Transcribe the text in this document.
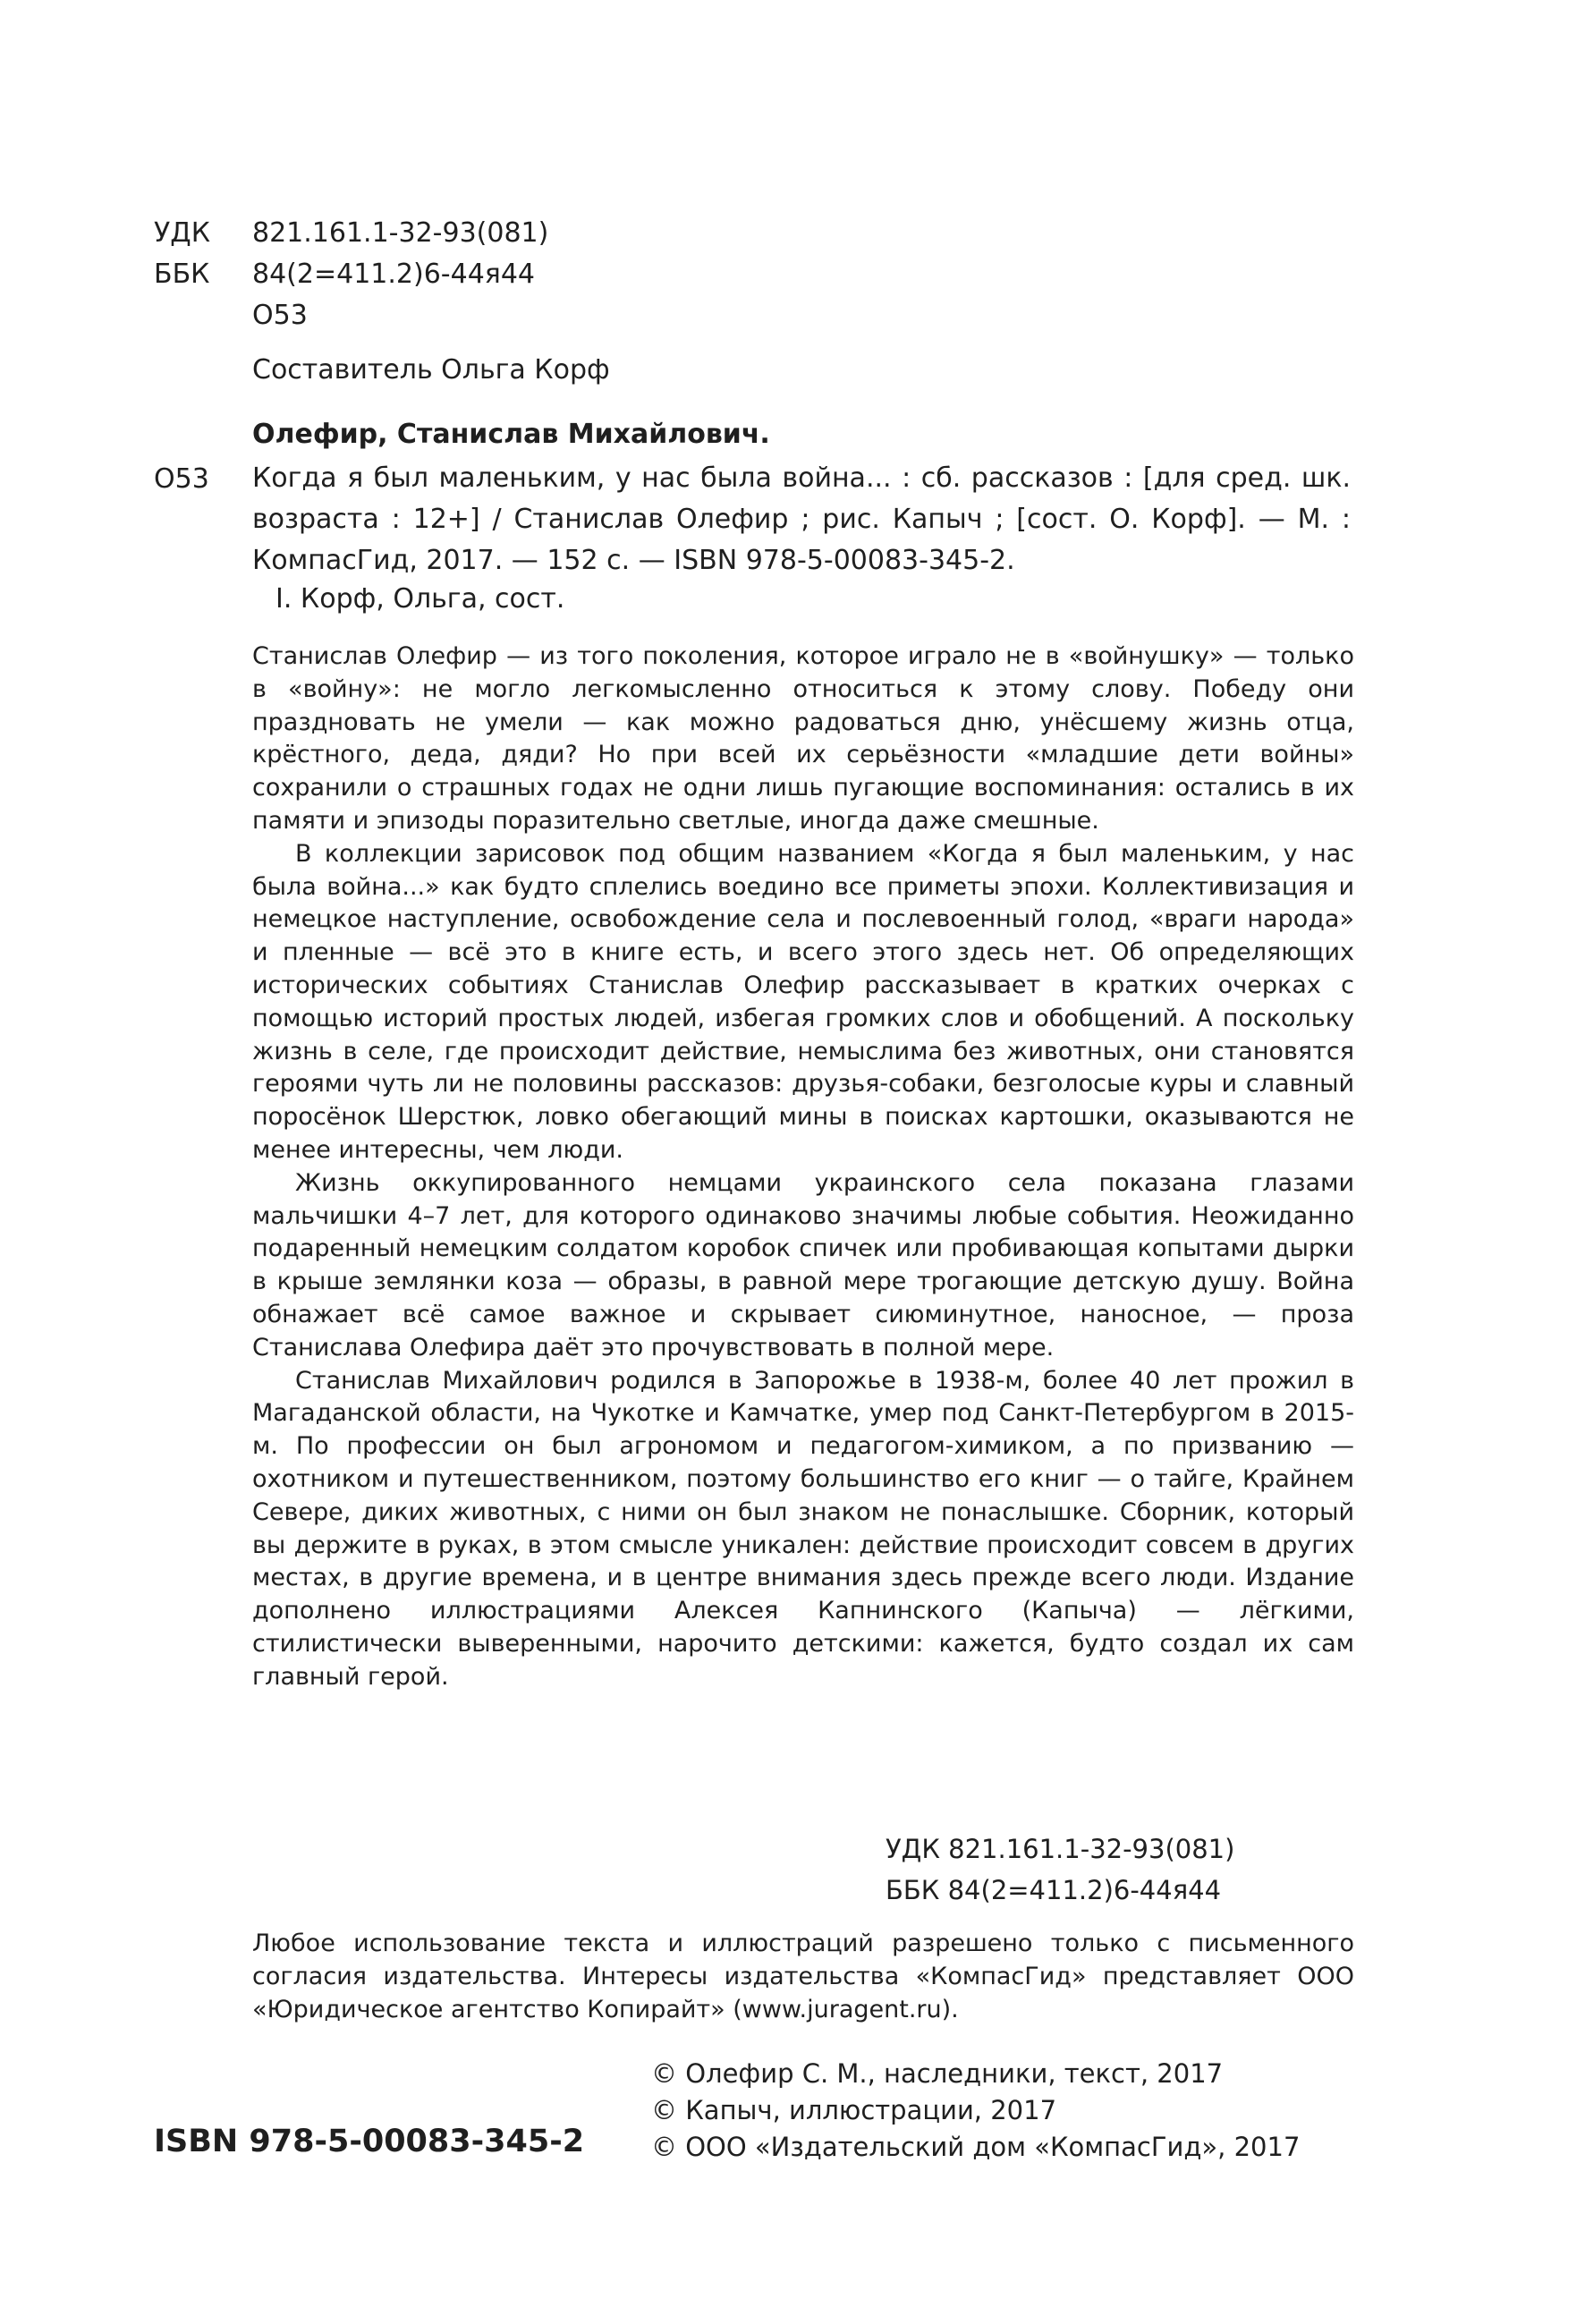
УДК	821.161.1-32-93(081)
ББК	84(2=411.2)6-44я44
О53
Составитель Ольга Корф
Олефир, Станислав Михайлович.
О53 Когда я был маленьким, у нас была война... : сб. рассказов : [для сред. шк. возраста : 12+] / Станислав Олефир ; рис. Капыч ; [сост. О. Корф]. — М. : КомпасГид, 2017. — 152 с. — ISBN 978-5-00083-345-2.
I. Корф, Ольга, сост.

Станислав Олефир — из того поколения, которое играло не в «войнушку» — только в «войну»: не могло легкомысленно относиться к этому слову. Победу они праздновать не умели — как можно радоваться дню, унёсшему жизнь отца, крёстного, деда, дяди? Но при всей их серьёзности «младшие дети войны» сохранили о страшных годах не одни лишь пугающие воспоминания: остались в их памяти и эпизоды поразительно светлые, иногда даже смешные.

В коллекции зарисовок под общим названием «Когда я был маленьким, у нас была война...» как будто сплелись воедино все приметы эпохи. Коллективизация и немецкое наступление, освобождение села и послевоенный голод, «враги народа» и пленные — всё это в книге есть, и всего этого здесь нет. Об определяющих исторических событиях Станислав Олефир рассказывает в кратких очерках с помощью историй простых людей, избегая громких слов и обобщений. А поскольку жизнь в селе, где происходит действие, немыслима без животных, они становятся героями чуть ли не половины рассказов: друзья-собаки, безголосые куры и славный поросёнок Шерстюк, ловко обегающий мины в поисках картошки, оказываются не менее интересны, чем люди.

Жизнь оккупированного немцами украинского села показана глазами мальчишки 4–7 лет, для которого одинаково значимы любые события. Неожиданно подаренный немецким солдатом коробок спичек или пробивающая копытами дырки в крыше землянки коза — образы, в равной мере трогающие детскую душу. Война обнажает всё самое важное и скрывает сиюминутное, наносное, — проза Станислава Олефира даёт это прочувствовать в полной мере.

Станислав Михайлович родился в Запорожье в 1938-м, более 40 лет прожил в Магаданской области, на Чукотке и Камчатке, умер под Санкт-Петербургом в 2015-м. По профессии он был агрономом и педагогом-химиком, а по призванию — охотником и путешественником, поэтому большинство его книг — о тайге, Крайнем Севере, диких животных, с ними он был знаком не понаслышке. Сборник, который вы держите в руках, в этом смысле уникален: действие происходит совсем в других местах, в другие времена, и в центре внимания здесь прежде всего люди. Издание дополнено иллюстрациями Алексея Капнинского (Капыча) — лёгкими, стилистически выверенными, нарочито детскими: кажется, будто создал их сам главный герой.

УДК 821.161.1-32-93(081)
ББК 84(2=411.2)6-44я44
Любое использование текста и иллюстраций разрешено только с письменного согласия издательства. Интересы издательства «КомпасГид» представляет ООО «Юридическое агентство Копирайт» (www.juragent.ru).
© Олефир С. М., наследники, текст, 2017
© Капыч, иллюстрации, 2017
© ООО «Издательский дом «КомпасГид», 2017
ISBN 978-5-00083-345-2
